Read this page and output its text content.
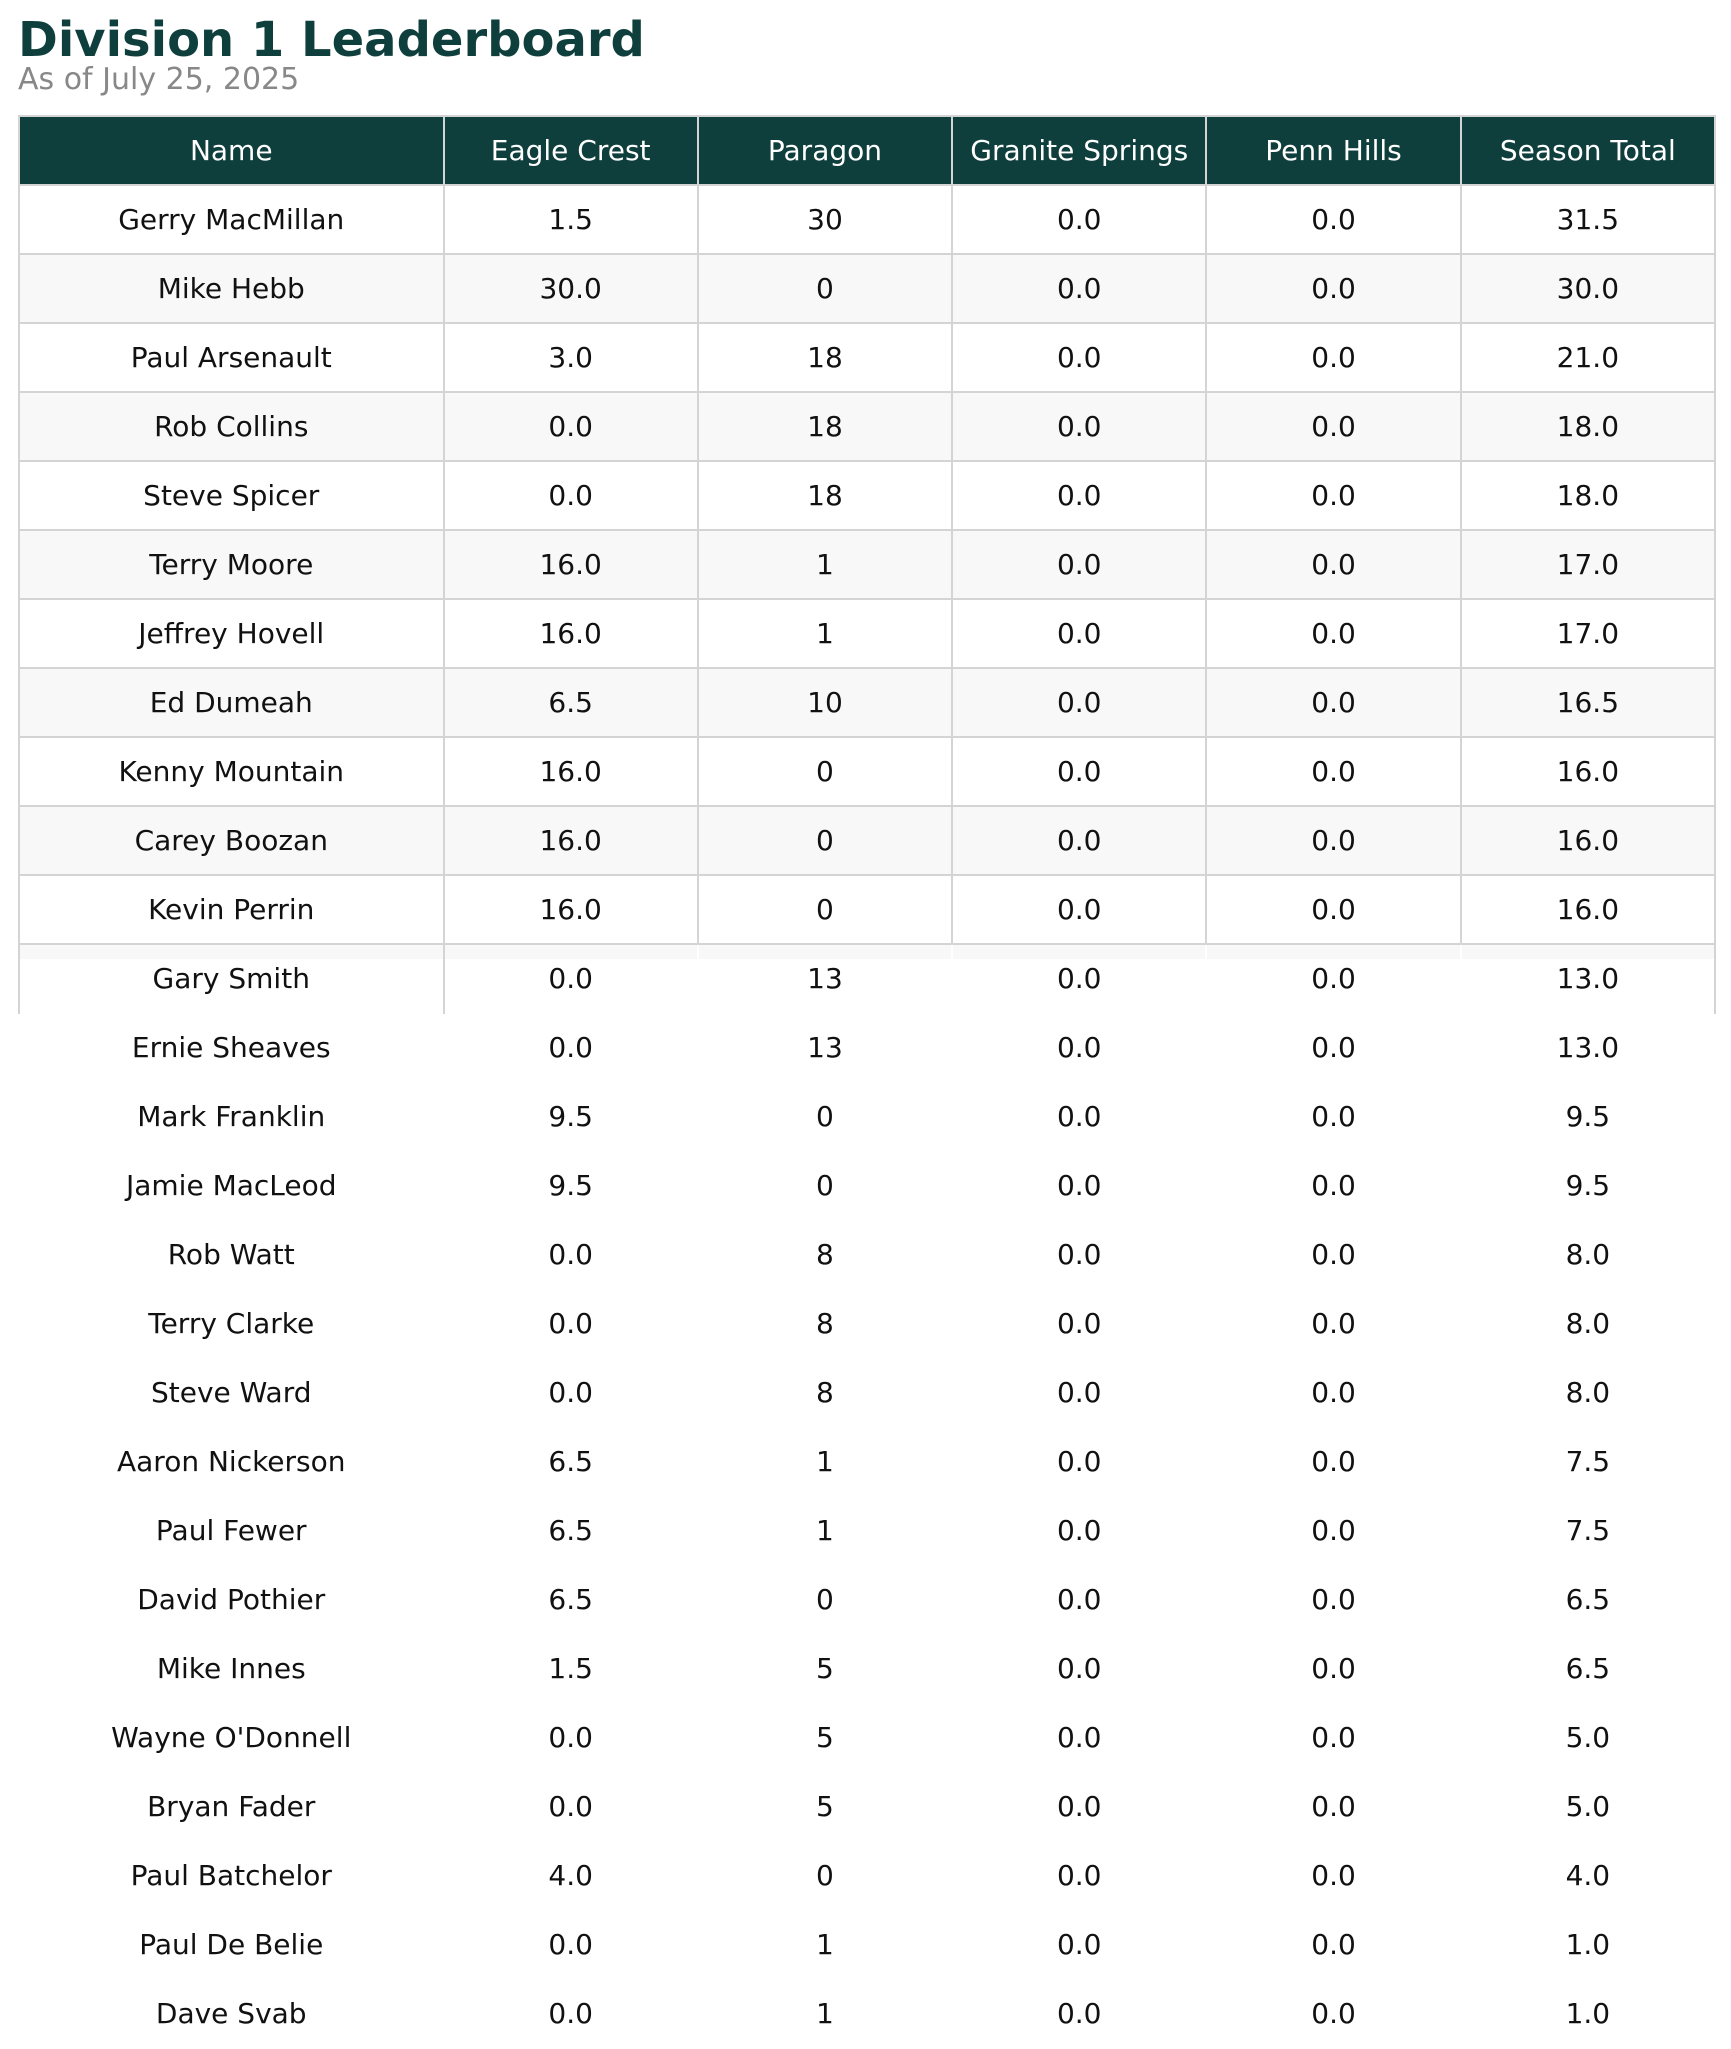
Division 1 Leaderboard

As of July 25, 2025

Name	Eagle Crest	Paragon	Granite Springs	Penn Hills	Season Total
Gerry MacMillan	1.5	30	0.0	0.0	31.5
Mike Hebb	30.0	0	0.0	0.0	30.0
Paul Arsenault	3.0	18	0.0	0.0	21.0
Rob Collins	0.0	18	0.0	0.0	18.0
Steve Spicer	0.0	18	0.0	0.0	18.0
Terry Moore	16.0	1	0.0	0.0	17.0
Jeffrey Hovell	16.0	1	0.0	0.0	17.0
Ed Dumeah	6.5	10	0.0	0.0	16.5
Kenny Mountain	16.0	0	0.0	0.0	16.0
Carey Boozan	16.0	0	0.0	0.0	16.0
Kevin Perrin	16.0	0	0.0	0.0	16.0
Gary Smith	0.0	13	0.0	0.0	13.0
Ernie Sheaves	0.0	13	0.0	0.0	13.0
Mark Franklin	9.5	0	0.0	0.0	9.5
Jamie MacLeod	9.5	0	0.0	0.0	9.5
Rob Watt	0.0	8	0.0	0.0	8.0
Terry Clarke	0.0	8	0.0	0.0	8.0
Steve Ward	0.0	8	0.0	0.0	8.0
Aaron Nickerson	6.5	1	0.0	0.0	7.5
Paul Fewer	6.5	1	0.0	0.0	7.5
David Pothier	6.5	0	0.0	0.0	6.5
Mike Innes	1.5	5	0.0	0.0	6.5
Wayne O'Donnell	0.0	5	0.0	0.0	5.0
Bryan Fader	0.0	5	0.0	0.0	5.0
Paul Batchelor	4.0	0	0.0	0.0	4.0
Paul De Belie	0.0	1	0.0	0.0	1.0
Dave Svab	0.0	1	0.0	0.0	1.0
